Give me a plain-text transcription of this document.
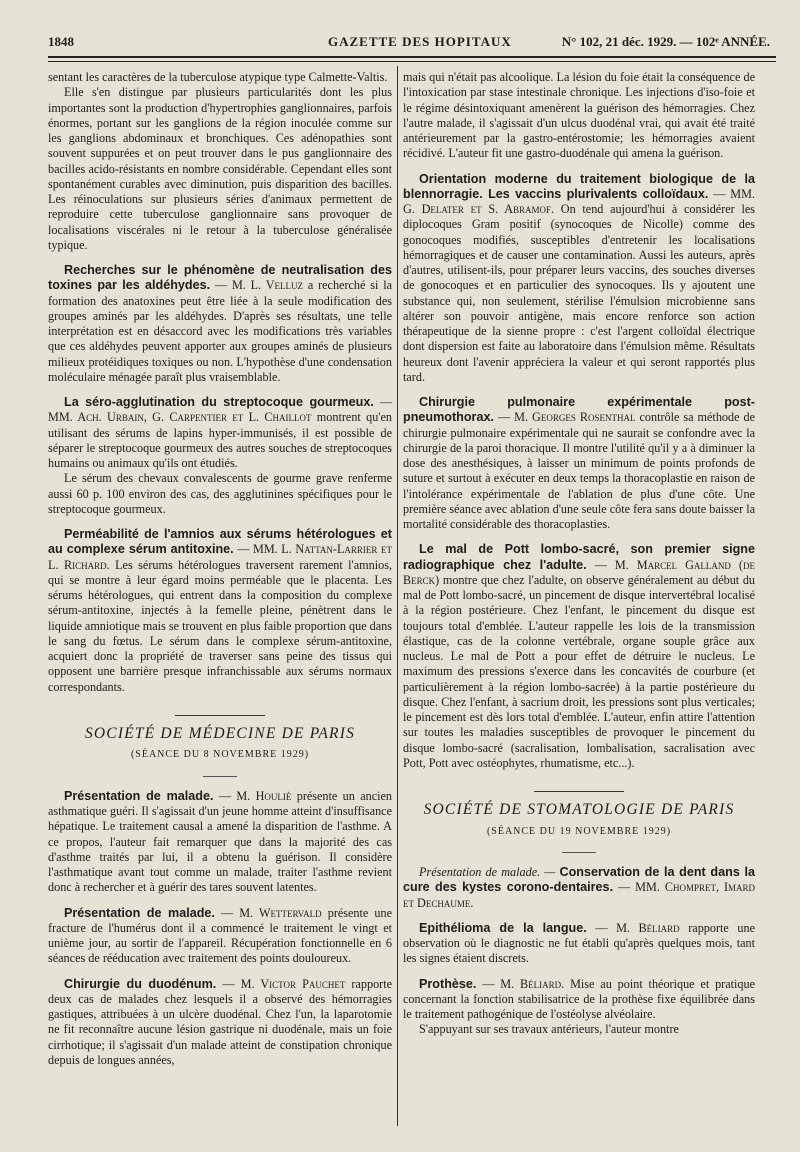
1848	GAZETTE DES HOPITAUX	N° 102, 21 déc. 1929. — 102ᵉ ANNÉE.

sentant les caractères de la tuberculose atypique type Calmette-Valtis.

Elle s'en distingue par plusieurs particularités dont les plus importantes sont la production d'hypertrophies ganglionnaires, parfois énormes, portant sur les ganglions de la région inoculée comme sur les ganglions abdominaux et bronchiques. Ces adénopathies sont souvent suppurées et on peut trouver dans le pus ganglionnaire des bacilles acido-résistants en nombre considérable. Cependant elles sont spontanément curables avec diminution, puis disparition des bacilles. Les réinoculations sur plusieurs séries d'animaux permettent de reproduire cette tuberculose ganglionnaire sans provoquer de localisations viscérales ni le retour à la tuberculose généralisée typique.

Recherches sur le phénomène de neutralisation des toxines par les aldéhydes. — M. L. Velluz a recherché si la formation des anatoxines peut être liée à la seule modification des groupes aminés par les aldéhydes. D'après ses résultats, une telle interprétation est en désaccord avec les modifications très variables que ces aldéhydes peuvent apporter aux groupes aminés de plusieurs milieux protéidiques toxiques ou non. L'hypothèse d'une condensation moléculaire ménagée paraît plus vraisemblable.

La séro-agglutination du streptocoque gourmeux. — MM. Ach. Urbain, G. Carpentier et L. Chaillot montrent qu'en utilisant des sérums de lapins hyper-immunisés, il est possible de séparer le streptocoque gourmeux des autres souches de streptocoques humains ou animaux qu'ils ont étudiés.

Le sérum des chevaux convalescents de gourme grave renferme aussi 60 p. 100 environ des cas, des agglutinines spécifiques pour le streptocoque gourmeux.

Perméabilité de l'amnios aux sérums hétérologues et au complexe sérum antitoxine. — MM. L. Nattan-Larrier et L. Richard. Les sérums hétérologues traversent rarement l'amnios, qui se montre à leur égard moins perméable que le placenta. Les sérums hétérologues, qui entrent dans la composition du complexe sérum-antitoxine, injectés à la femelle pleine, pénètrent dans le liquide amniotique mais se trouvent en plus faible proportion que dans le sang du fœtus. Le sérum dans le complexe sérum-antitoxine, acquiert donc la propriété de traverser sans peine des tissus qui opposent une barrière presque infranchissable aux sérums normaux correspondants.

SOCIÉTÉ DE MÉDECINE DE PARIS
(SÉANCE DU 8 NOVEMBRE 1929)

Présentation de malade. — M. Houlié présente un ancien asthmatique guéri. Il s'agissait d'un jeune homme atteint d'insuffisance hépatique. Le traitement causal a amené la disparition de l'asthme. A ce propos, l'auteur fait remarquer que dans la majorité des cas d'asthme traités par lui, il a obtenu la guérison. Il considère l'asthmatique avant tout comme un malade, traiter l'asthme revient donc à rechercher et à guérir des tares souvent latentes.

Présentation de malade. — M. Wettervald présente une fracture de l'humérus dont il a commencé le traitement le vingt et unième jour, au sortir de l'appareil. Récupération fonctionnelle en 6 séances de rééducation avec traitement des points douloureux.

Chirurgie du duodénum. — M. Victor Pauchet rapporte deux cas de malades chez lesquels il a observé des hémorragies gastiques, attribuées à un ulcère duodénal. Chez l'un, la laparotomie ne fit reconnaître aucune lésion gastrique ni duodénale, mais un foie cirrhotique; il s'agissait d'un malade atteint de constipation chronique depuis de longues années,

mais qui n'était pas alcoolique. La lésion du foie était la conséquence de l'intoxication par stase intestinale chronique. Les injections d'iso-foie et le régime désintoxiquant amenèrent la guérison des hémorragies. Chez l'autre malade, il s'agissait d'un ulcus duodénal vrai, qui avait été traité antérieurement par la gastro-entérostomie; les hémorragies avaient récidivé. L'auteur fit une gastro-duodénale qui amena la guérison.

Orientation moderne du traitement biologique de la blennorragie. Les vaccins plurivalents colloïdaux. — MM. G. Delater et S. Abramof. On tend aujourd'hui à considérer les diplocoques Gram positif (synocoques de Nicolle) comme des gonocoques modifiés, susceptibles d'entretenir les localisations hémorragiques et de causer une contamination. Aussi les auteurs, après d'autres, utilisent-ils, pour préparer leurs vaccins, des souches diverses de gonocoques et en particulier des synocoques. Ils y ajoutent une substance qui, non seulement, stérilise l'émulsion microbienne sans altérer son pouvoir antigène, mais encore renforce son action thérapeutique de la sienne propre : c'est l'argent colloïdal électrique dont dispersion est faite au laboratoire dans l'émulsion même. Résultats heureux dont l'avenir appréciera la valeur et qui seront rapportés plus tard.

Chirurgie pulmonaire expérimentale post-pneumothorax. — M. Georges Rosenthal contrôle sa méthode de chirurgie pulmonaire expérimentale qui ne saurait se confondre avec la chirurgie de la paroi thoracique. Il montre l'utilité qu'il y a à diminuer la dose des anesthésiques, à laisser un minimum de points profonds de suture et surtout à exécuter en deux temps la thoracoplastie en raison de l'intolérance expérimentale de l'ablation de plus d'une côte. Une première séance avec ablation d'une seule côte fera sans doute baisser la mortalité considérable des thoracoplasties.

Le mal de Pott lombo-sacré, son premier signe radiographique chez l'adulte. — M. Marcel Galland (de Berck) montre que chez l'adulte, on observe généralement au début du mal de Pott lombo-sacré, un pincement de disque intervertébral localisé à la région postérieure. Chez l'enfant, le pincement du disque est toujours total d'emblée. L'auteur rappelle les lois de la transmission élastique, cas de la colonne vertébrale, organe souple grâce aux nucleus. Le mal de Pott a pour effet de détruire le nucleus. Le maximum des pressions s'exerce dans les concavités de courbure (et particulièrement à la région lombo-sacrée) à la partie postérieure du disque. Chez l'enfant, à sacrium droit, les pressions sont plus verticales; le pincement est dès lors total d'emblée. L'auteur, enfin attire l'attention sur toutes les maladies susceptibles de provoquer le pincement du disque lombo-sacré (sacralisation, lombalisation, sacralisation avec Pott, Pott avec ostéophytes, rhumatisme, etc...).

SOCIÉTÉ DE STOMATOLOGIE DE PARIS
(SÉANCE DU 19 NOVEMBRE 1929)

Présentation de malade. — Conservation de la dent dans la cure des kystes corono-dentaires. — MM. Chompret, Imard et Dechaume.

Epithélioma de la langue. — M. Béliard rapporte une observation où le diagnostic ne fut établi qu'après quelques mois, tant les signes étaient discrets.

Prothèse. — M. Béliard. Mise au point théorique et pratique concernant la fonction stabilisatrice de la prothèse fixe équilibrée dans le traitement pathogénique de l'ostéolyse alvéolaire.

S'appuyant sur ses travaux antérieurs, l'auteur montre
